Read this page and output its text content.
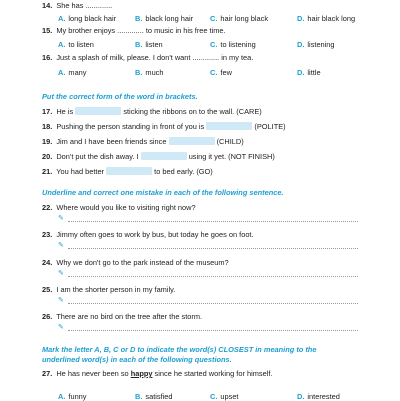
14. She has .............
A. long black hair	B. black long hair C. hair long black	D. hair black long
15. My brother enjoys ............. to music in his free time.
A. to listen	B. listen	C. to listening	D. listening
16. Just a splash of milk, please. I don't want ............. in my tea.
A. many	B. much	C. few	D. little
Put the correct form of the word in brackets.
17. He is	sticking the ribbons on to the wall. (CARE)
18. Pushing the person standing in front of you is	(POLITE)
19. Jim and I have been friends since	(CHILD)
20. Don't put the dish away. I	using it yet. (NOT FINISH)
21. You had better	to bed early. (GO)
Underline and correct one mistake in each of the following sentence.
22. Where would you like to visiting right now?
✎
23. Jimmy often goes to work by bus, but today he goes on foot.
✎
24. Why we don't go to the park instead of the museum?
✎
25. I am the shorter person in my family.
✎
26. There are no bird on the tree after the storm.
✎
Mark the letter A, B, C or D to indicate the word(s) CLOSEST in meaning to the
underlined word(s) in each of the following questions.
27. He has never been so happy since he started working for himself.
A. funny	B. satisfied	C. upset	D. interested
